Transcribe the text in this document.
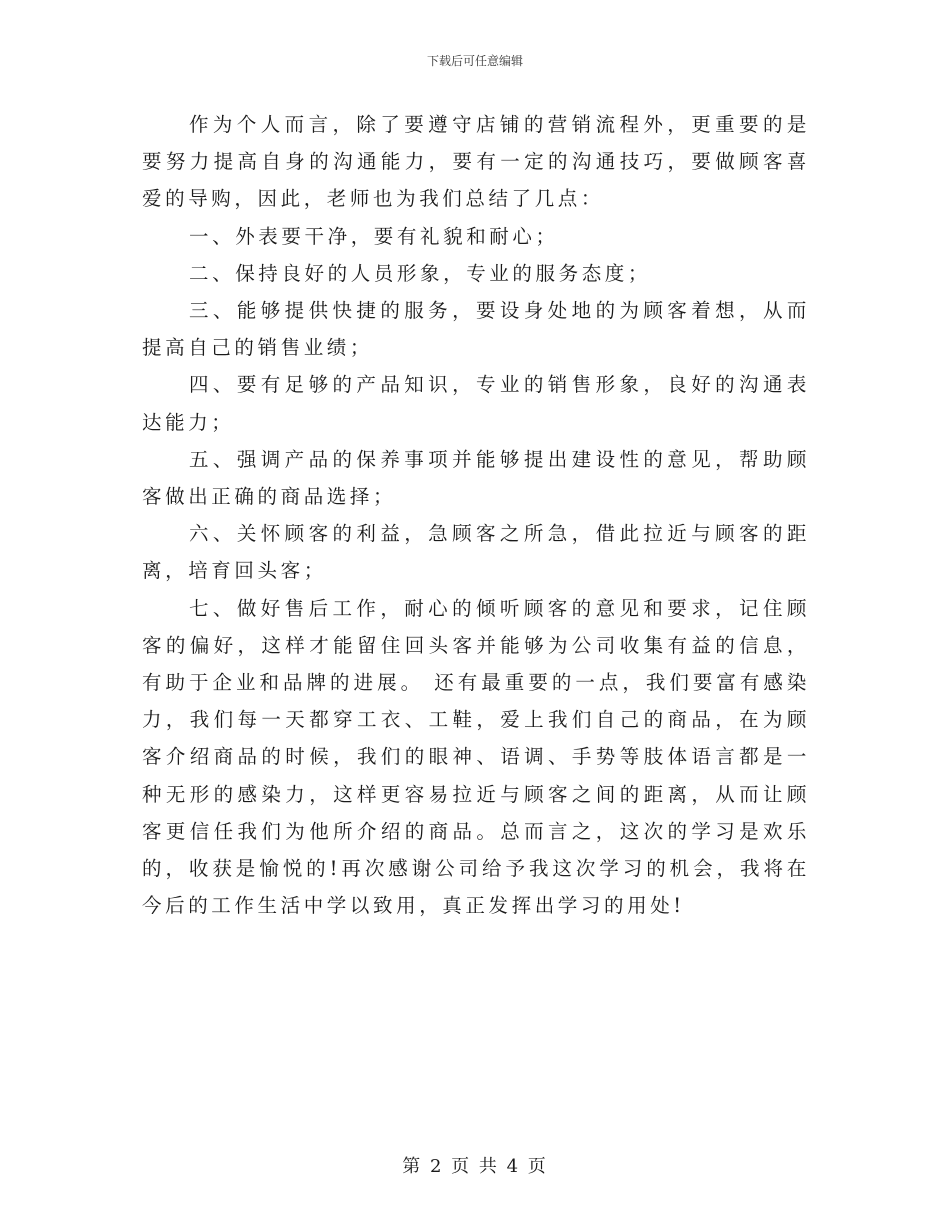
下载后可任意编辑

作为个人而言，除了要遵守店铺的营销流程外，更重要的是要努力提高自身的沟通能力，要有一定的沟通技巧，要做顾客喜爱的导购，因此，老师也为我们总结了几点：

一、外表要干净，要有礼貌和耐心；

二、保持良好的人员形象，专业的服务态度；

三、能够提供快捷的服务，要设身处地的为顾客着想，从而提高自己的销售业绩；

四、要有足够的产品知识，专业的销售形象，良好的沟通表达能力；

五、强调产品的保养事项并能够提出建设性的意见，帮助顾客做出正确的商品选择；

六、关怀顾客的利益，急顾客之所急，借此拉近与顾客的距离，培育回头客；

七、做好售后工作，耐心的倾听顾客的意见和要求，记住顾客的偏好，这样才能留住回头客并能够为公司收集有益的信息，有助于企业和品牌的进展。 还有最重要的一点，我们要富有感染力，我们每一天都穿工衣、工鞋，爱上我们自己的商品，在为顾客介绍商品的时候，我们的眼神、语调、手势等肢体语言都是一种无形的感染力，这样更容易拉近与顾客之间的距离，从而让顾客更信任我们为他所介绍的商品。总而言之，这次的学习是欢乐的，收获是愉悦的!再次感谢公司给予我这次学习的机会，我将在今后的工作生活中学以致用，真正发挥出学习的用处!

第 2 页 共 4 页
